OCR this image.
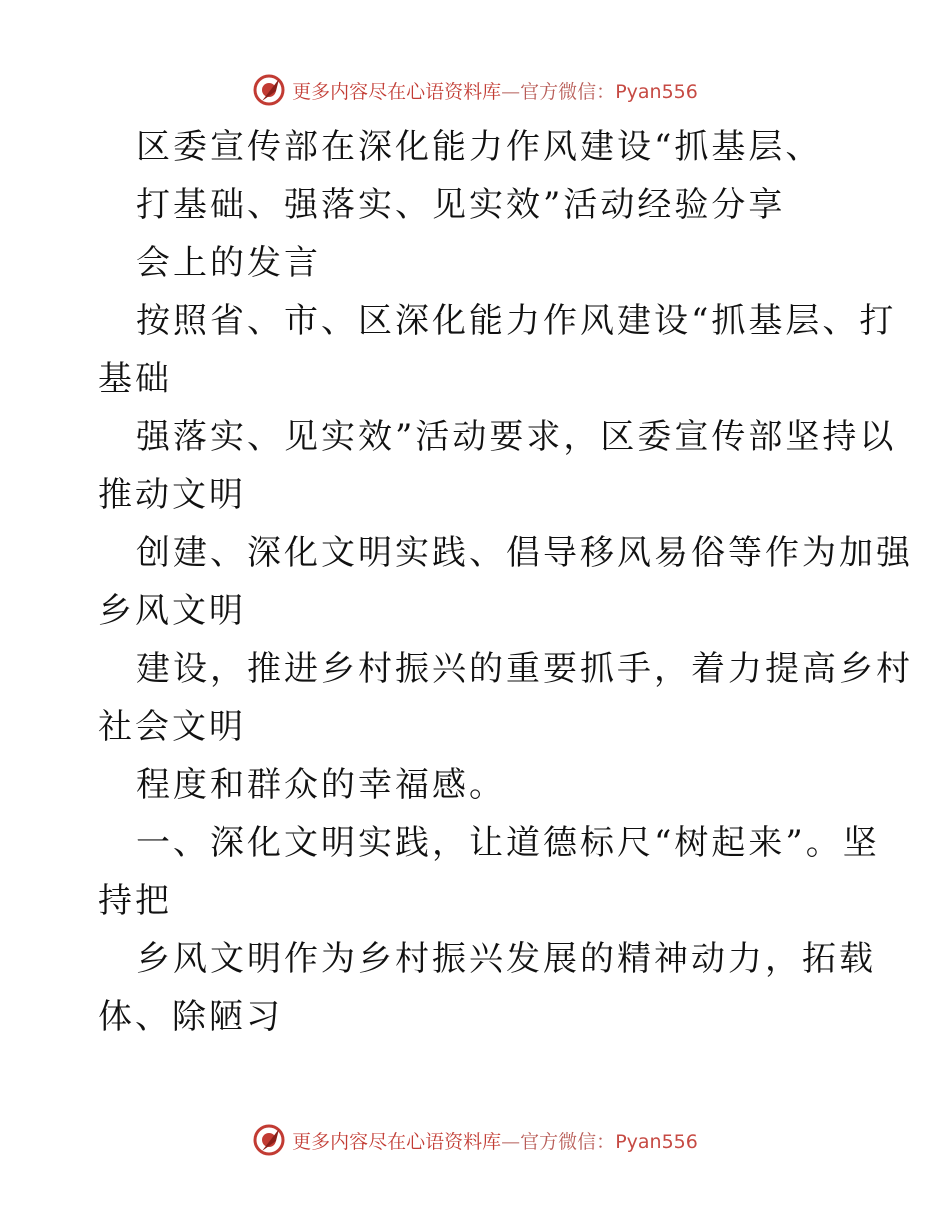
更多内容尽在心语资料库—官方微信：Pyan556
区委宣传部在深化能力作风建设“抓基层、
打基础、强落实、见实效”活动经验分享
会上的发言
按照省、市、区深化能力作风建设“抓基层、打
基础
强落实、见实效”活动要求，区委宣传部坚持以
推动文明
创建、深化文明实践、倡导移风易俗等作为加强
乡风文明
建设，推进乡村振兴的重要抓手，着力提高乡村
社会文明
程度和群众的幸福感。
一、深化文明实践，让道德标尺“树起来”。坚
持把
乡风文明作为乡村振兴发展的精神动力，拓载
体、除陋习
更多内容尽在心语资料库—官方微信：Pyan556
